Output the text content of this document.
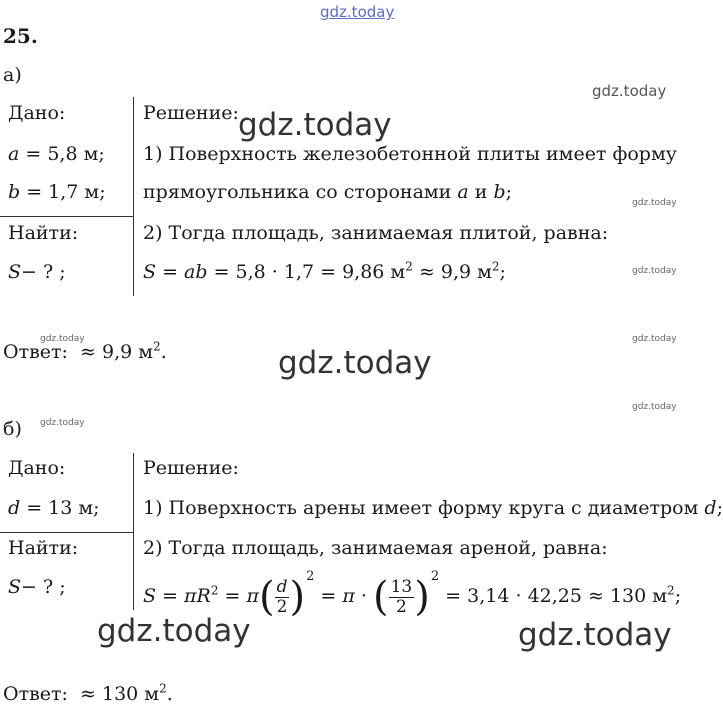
gdz.today
gdz.today
gdz.today
gdz.today
gdz.today
gdz.today	gdz.today
gdz.today
gdz.today
gdz.today
gdz.today	gdz.today
25.
а)
Дано:
a = 5,8 м;
b = 1,7 м;
Найти:
S− ? ;
Решение:
1) Поверхность железобетонной плиты имеет форму
прямоугольника со сторонами a и b;
2) Тогда площадь, занимаемая плитой, равна:
S = ab = 5,8 · 1,7 = 9,86 $м^2 \approx 9,9$ $м^2$;
Ответ: ≈ 9,9 $м^2$.
б)
Дано:
d = 13 м;
Найти:
S− ? ;
Решение:
1) Поверхность арены имеет форму круга с диаметром d;
2) Тогда площадь, занимаемая ареной, равна:
$S = \pi R^2 = \pi( \frac{d}{2} )^2 = \pi$ · ( $\frac{13}{2} )^2 = 3,14 \cdot 42,25 \approx 130$ $м^2$;
Ответ: ≈ 130 $м^2$.
